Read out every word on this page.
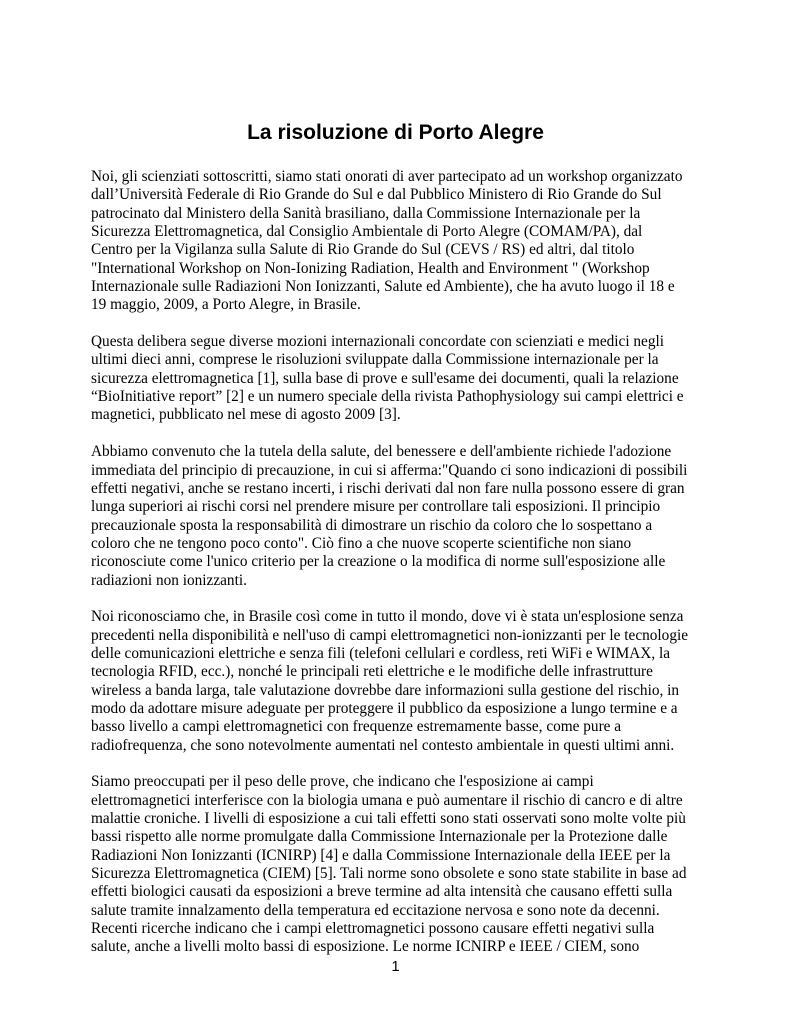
La risoluzione di Porto Alegre

Noi, gli scienziati sottoscritti, siamo stati onorati di aver partecipato ad un workshop organizzato
dall’Università Federale di Rio Grande do Sul e dal Pubblico Ministero di Rio Grande do Sul
patrocinato dal Ministero della Sanità brasiliano, dalla Commissione Internazionale per la
Sicurezza Elettromagnetica, dal Consiglio Ambientale di Porto Alegre (COMAM/PA), dal
Centro per la Vigilanza sulla Salute di Rio Grande do Sul (CEVS / RS) ed altri, dal titolo
"International Workshop on Non-Ionizing Radiation, Health and Environment " (Workshop
Internazionale sulle Radiazioni Non Ionizzanti, Salute ed Ambiente), che ha avuto luogo il 18 e
19 maggio, 2009, a Porto Alegre, in Brasile.

Questa delibera segue diverse mozioni internazionali concordate con scienziati e medici negli
ultimi dieci anni, comprese le risoluzioni sviluppate dalla Commissione internazionale per la
sicurezza elettromagnetica [1], sulla base di prove e sull'esame dei documenti, quali la relazione
“BioInitiative report” [2] e un numero speciale della rivista Pathophysiology sui campi elettrici e
magnetici, pubblicato nel mese di agosto 2009 [3].

Abbiamo convenuto che la tutela della salute, del benessere e dell'ambiente richiede l'adozione
immediata del principio di precauzione, in cui si afferma:"Quando ci sono indicazioni di possibili
effetti negativi, anche se restano incerti, i rischi derivati dal non fare nulla possono essere di gran
lunga superiori ai rischi corsi nel prendere misure per controllare tali esposizioni. Il principio
precauzionale sposta la responsabilità di dimostrare un rischio da coloro che lo sospettano a
coloro che ne tengono poco conto". Ciò fino a che nuove scoperte scientifiche non siano
riconosciute come l'unico criterio per la creazione o la modifica di norme sull'esposizione alle
radiazioni non ionizzanti.

Noi riconosciamo che, in Brasile così come in tutto il mondo, dove vi è stata un'esplosione senza
precedenti nella disponibilità e nell'uso di campi elettromagnetici non-ionizzanti per le tecnologie
delle comunicazioni elettriche e senza fili (telefoni cellulari e cordless, reti WiFi e WIMAX, la
tecnologia RFID, ecc.), nonché le principali reti elettriche e le modifiche delle infrastrutture
wireless a banda larga, tale valutazione dovrebbe dare informazioni sulla gestione del rischio, in
modo da adottare misure adeguate per proteggere il pubblico da esposizione a lungo termine e a
basso livello a campi elettromagnetici con frequenze estremamente basse, come pure a
radiofrequenza, che sono notevolmente aumentati nel contesto ambientale in questi ultimi anni.

Siamo preoccupati per il peso delle prove, che indicano che l'esposizione ai campi
elettromagnetici interferisce con la biologia umana e può aumentare il rischio di cancro e di altre
malattie croniche. I livelli di esposizione a cui tali effetti sono stati osservati sono molte volte più
bassi rispetto alle norme promulgate dalla Commissione Internazionale per la Protezione dalle
Radiazioni Non Ionizzanti (ICNIRP) [4] e dalla Commissione Internazionale della IEEE per la
Sicurezza Elettromagnetica (CIEM) [5]. Tali norme sono obsolete e sono state stabilite in base ad
effetti biologici causati da esposizioni a breve termine ad alta intensità che causano effetti sulla
salute tramite innalzamento della temperatura ed eccitazione nervosa e sono note da decenni.
Recenti ricerche indicano che i campi elettromagnetici possono causare effetti negativi sulla
salute, anche a livelli molto bassi di esposizione. Le norme ICNIRP e IEEE / CIEM, sono

1
